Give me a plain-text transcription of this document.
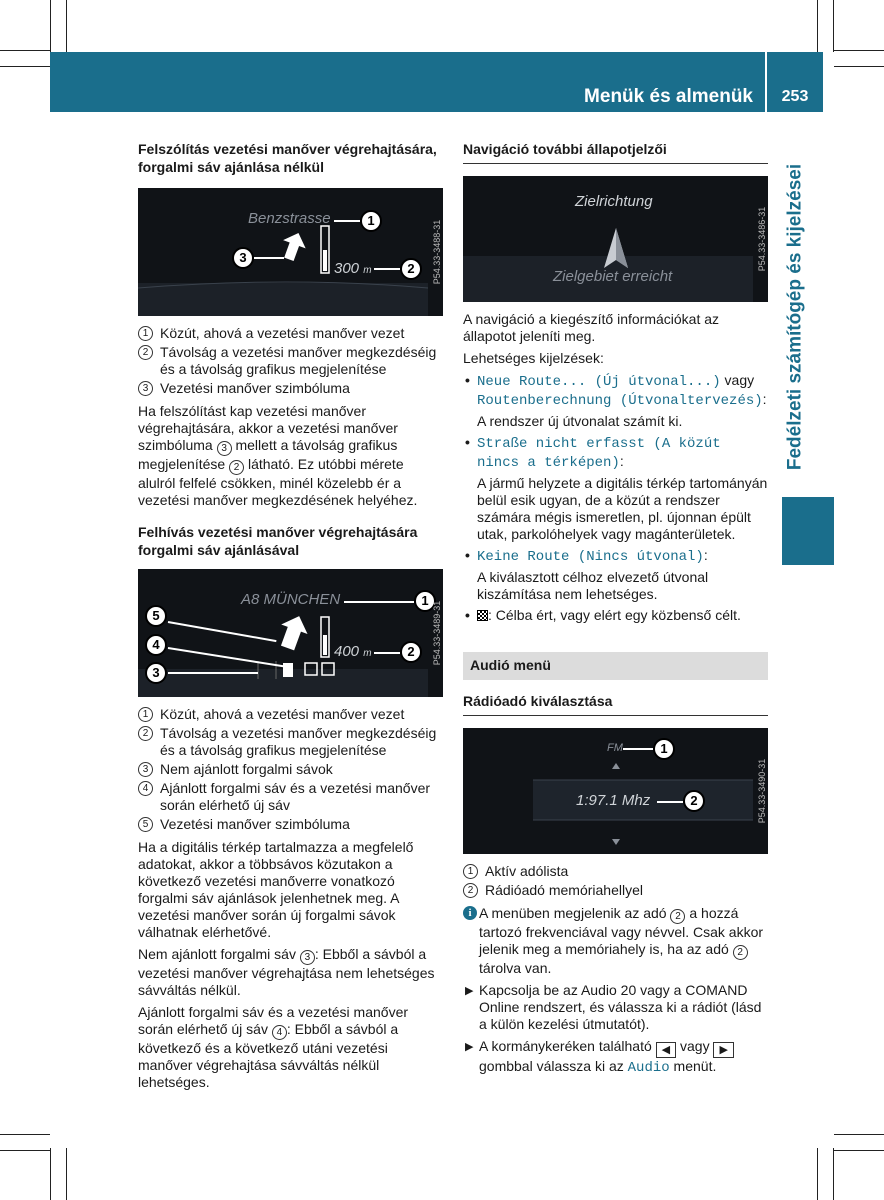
Menük és almenük	253
Fedélzeti számítógép és kijelzései
Felszólítás vezetési manőver végrehajtására, forgalmi sáv ajánlása nélkül
Benzstrasse
300 m
1
2
3	P54.33-3488-31
1 Közút, ahová a vezetési manőver vezet
2 Távolság a vezetési manőver megkezdéséig és a távolság grafikus megjelenítése
3 Vezetési manőver szimbóluma

Ha felszólítást kap vezetési manőver végrehajtására, akkor a vezetési manőver szimbóluma 3 mellett a távolság grafikus megjelenítése 2 látható. Ez utóbbi mérete alulról felfelé csökken, minél közelebb ér a vezetési manőver megkezdésének helyéhez.

Felhívás vezetési manőver végrehajtására forgalmi sáv ajánlásával
A8 MÜNCHEN
400 m
1
2
5
4
3
P54.33-3489-31
1 Közút, ahová a vezetési manőver vezet
2 Távolság a vezetési manőver megkezdéséig és a távolság grafikus megjelenítése
3 Nem ajánlott forgalmi sávok
4 Ajánlott forgalmi sáv és a vezetési manőver során elérhető új sáv
5 Vezetési manőver szimbóluma

Ha a digitális térkép tartalmazza a megfelelő adatokat, akkor a többsávos közutakon a következő vezetési manőverre vonatkozó forgalmi sáv ajánlások jelenhetnek meg. A vezetési manőver során új forgalmi sávok válhatnak elérhetővé.

Nem ajánlott forgalmi sáv 3 : Ebből a sávból a vezetési manőver végrehajtása nem lehetséges sávváltás nélkül.

Ajánlott forgalmi sáv és a vezetési manőver során elérhető új sáv 4 : Ebből a sávból a következő és a következő utáni vezetési manőver végrehajtása sávváltás nélkül lehetséges.

Navigáció további állapotjelzői
Zielrichtung
Zielgebiet erreicht
P54.33-3486-31

A navigáció a kiegészítő információkat az állapotot jeleníti meg.

Lehetséges kijelzések:

• Neue Route... (Új útvonal...) vagy Routenberechnung (Útvonaltervezés):
A rendszer új útvonalat számít ki.
• Straße nicht erfasst (A közút nincs a térképen):
A jármű helyzete a digitális térkép tartományán belül esik ugyan, de a közút a rendszer számára mégis ismeretlen, pl. újonnan épült utak, parkolóhelyek vagy magánterületek.
• Keine Route (Nincs útvonal):
A kiválasztott célhoz elvezető útvonal kiszámítása nem lehetséges.
• : Célba ért, vagy elért egy közbenső célt.
Audió menü
Rádióadó kiválasztása
FM
1:97.1 Mhz
1
2	P54.33-3490-31
1 Aktív adólista
2 Rádióadó memóriahellyel
i A menüben megjelenik az adó 2 a hozzá tartozó frekvenciával vagy névvel. Csak akkor jelenik meg a memóriahely is, ha az adó 2 tárolva van.
▶ Kapcsolja be az Audio 20 vagy a COMAND Online rendszert, és válassza ki a rádiót (lásd a külön kezelési útmutatót).
▶ A kormánykeréken található ◀ vagy ▶ gombbal válassza ki az Audio menüt.
